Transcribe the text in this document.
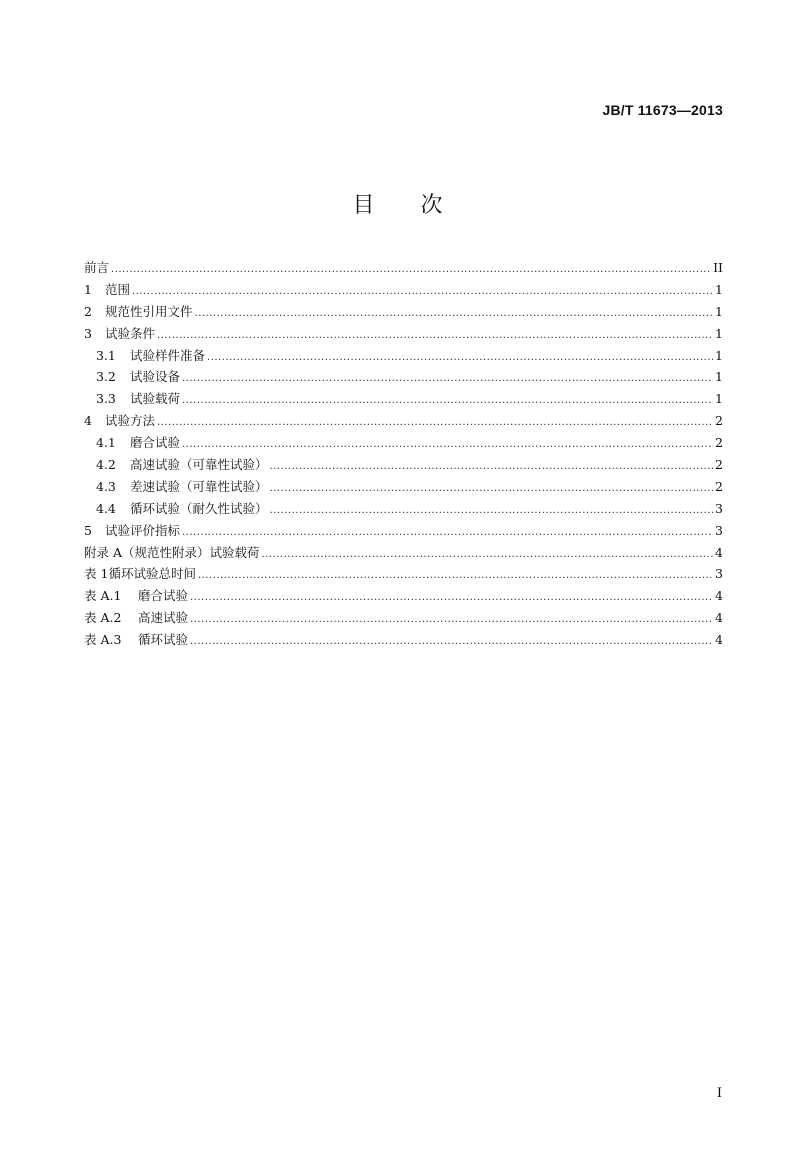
JB/T 11673—2013
目 次
前言 .....	II
1 范围 .....	1
2 规范性引用文件 .....	1
3 试验条件 .....	1
3.1 试验样件准备 .....	1
3.2 试验设备 .....	1
3.3 试验载荷 .....	1
4 试验方法 .....	2
4.1 磨合试验 .....	2
4.2 高速试验（可靠性试验） .....	2
4.3 差速试验（可靠性试验） .....	2
4.4 循环试验（耐久性试验） .....	3
5 试验评价指标 .....	3
附录 A（规范性附录）试验载荷 .....	4
表 1循环试验总时间 .....	3
表 A.1 磨合试验 .....	4
表 A.2 高速试验 .....	4
表 A.3 循环试验 .....	4
I
